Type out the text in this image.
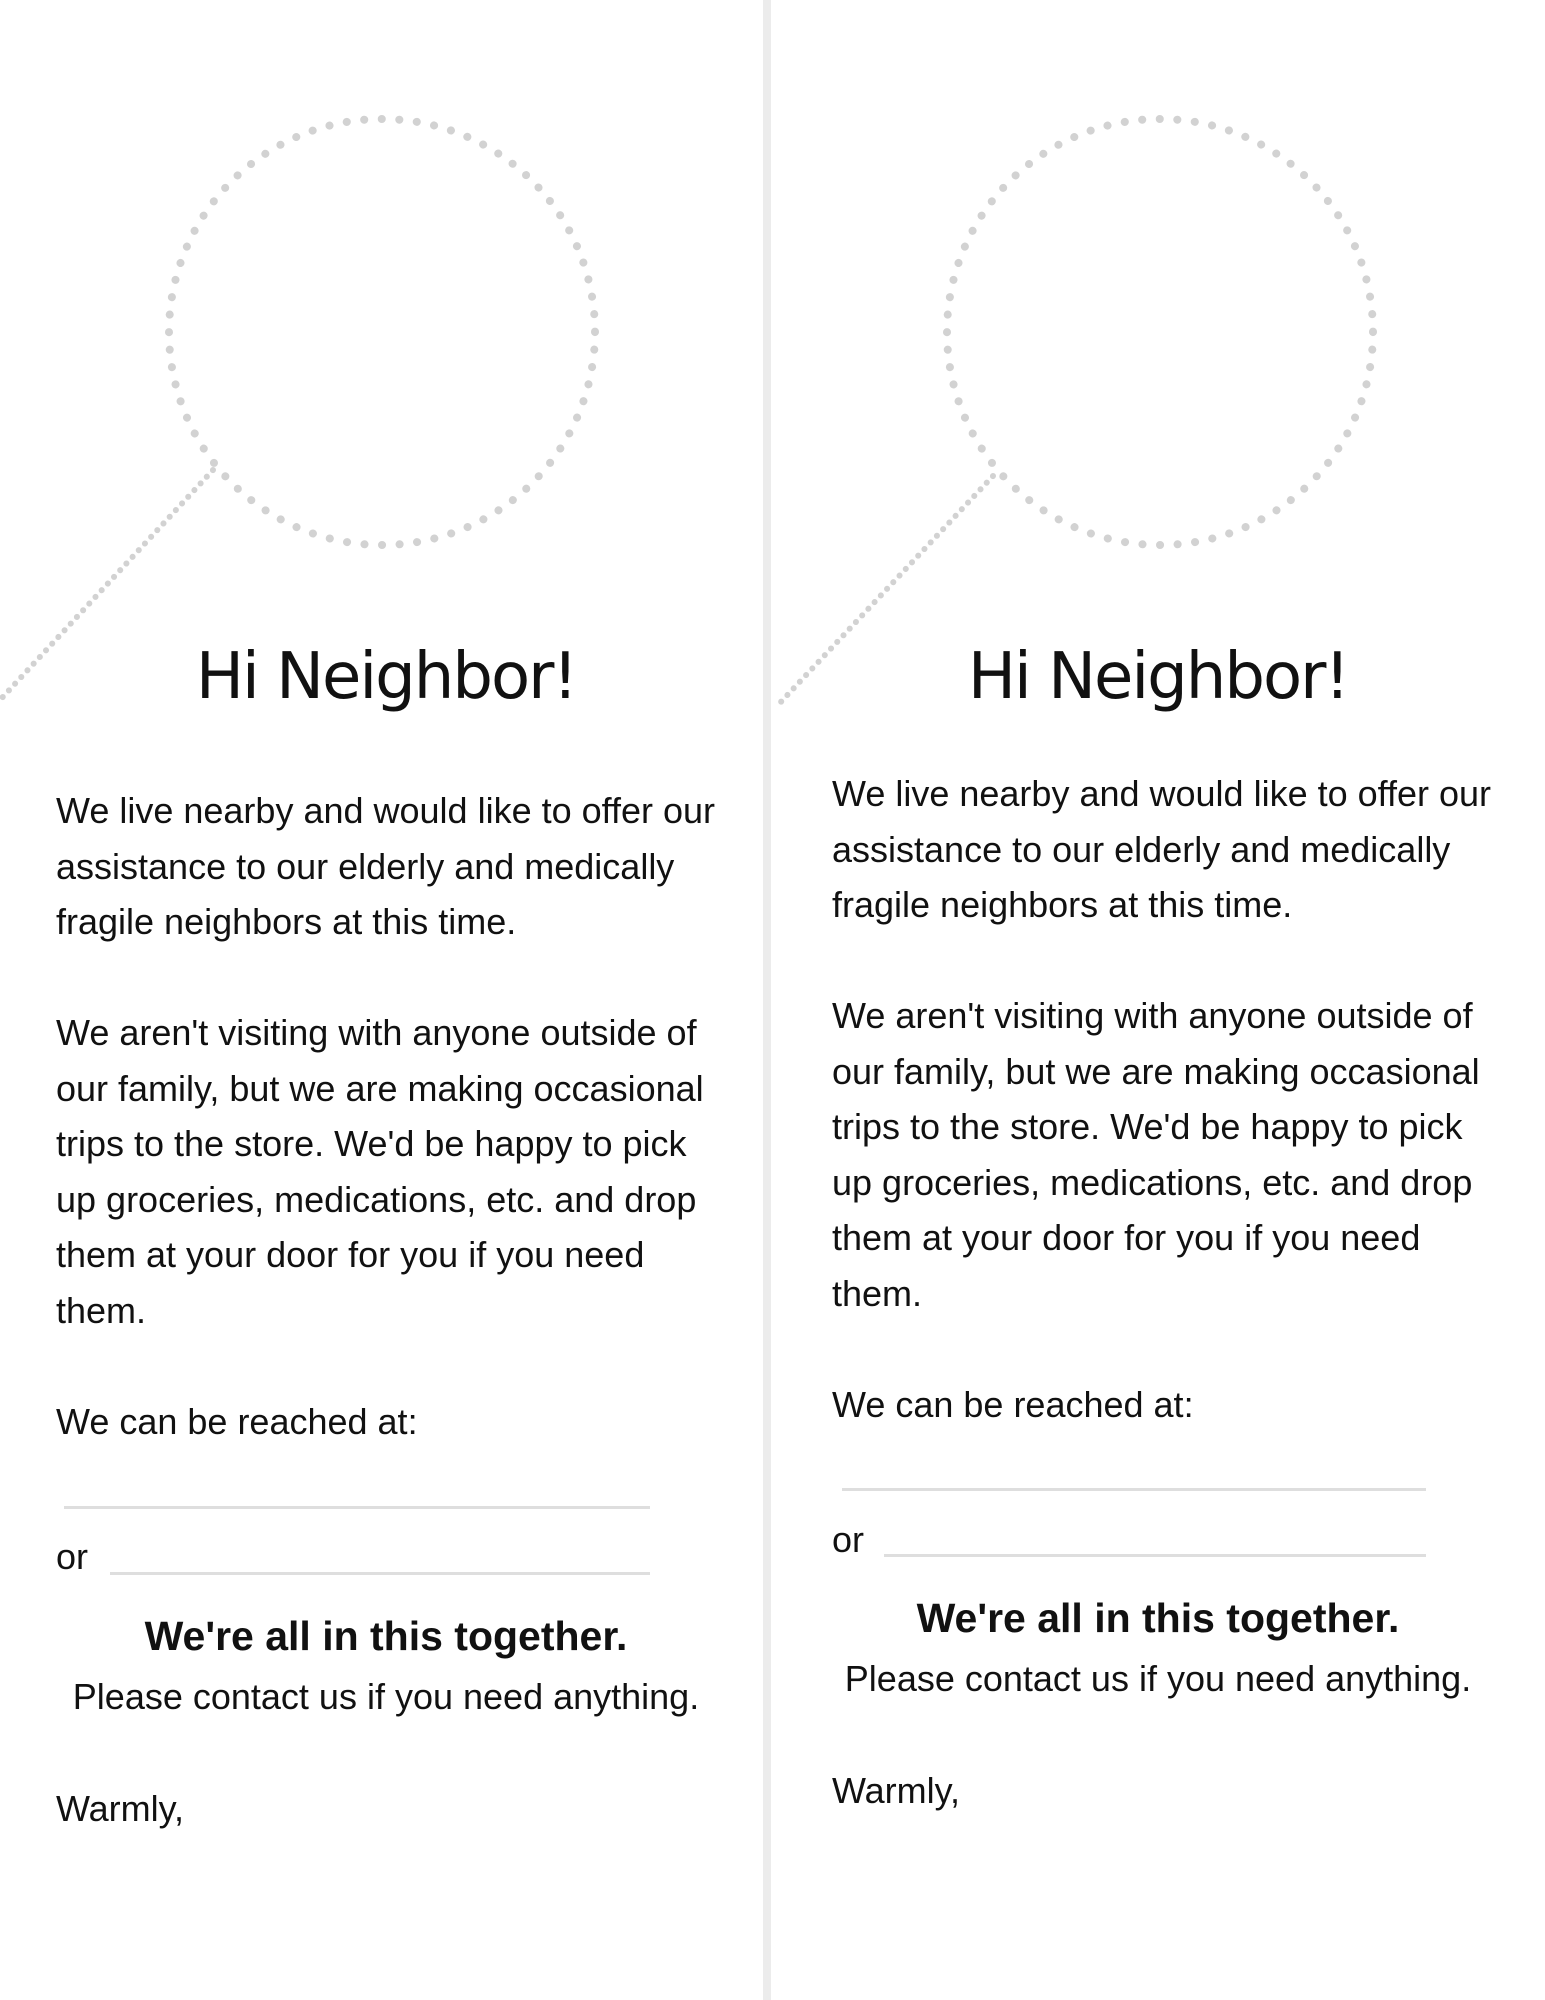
Hi Neighbor!

We live nearby and would like to offer our assistance to our elderly and medically fragile neighbors at this time.

We aren't visiting with anyone outside of our family, but we are making occasional trips to the store. We'd be happy to pick up groceries, medications, etc. and drop them at your door for you if you need them.

We can be reached at:

or
We're all in this together.
Please contact us if you need anything.
Warmly,
Hi Neighbor!

We live nearby and would like to offer our assistance to our elderly and medically fragile neighbors at this time.

We aren't visiting with anyone outside of our family, but we are making occasional trips to the store. We'd be happy to pick up groceries, medications, etc. and drop them at your door for you if you need them.

We can be reached at:

or
We're all in this together.
Please contact us if you need anything.
Warmly,
